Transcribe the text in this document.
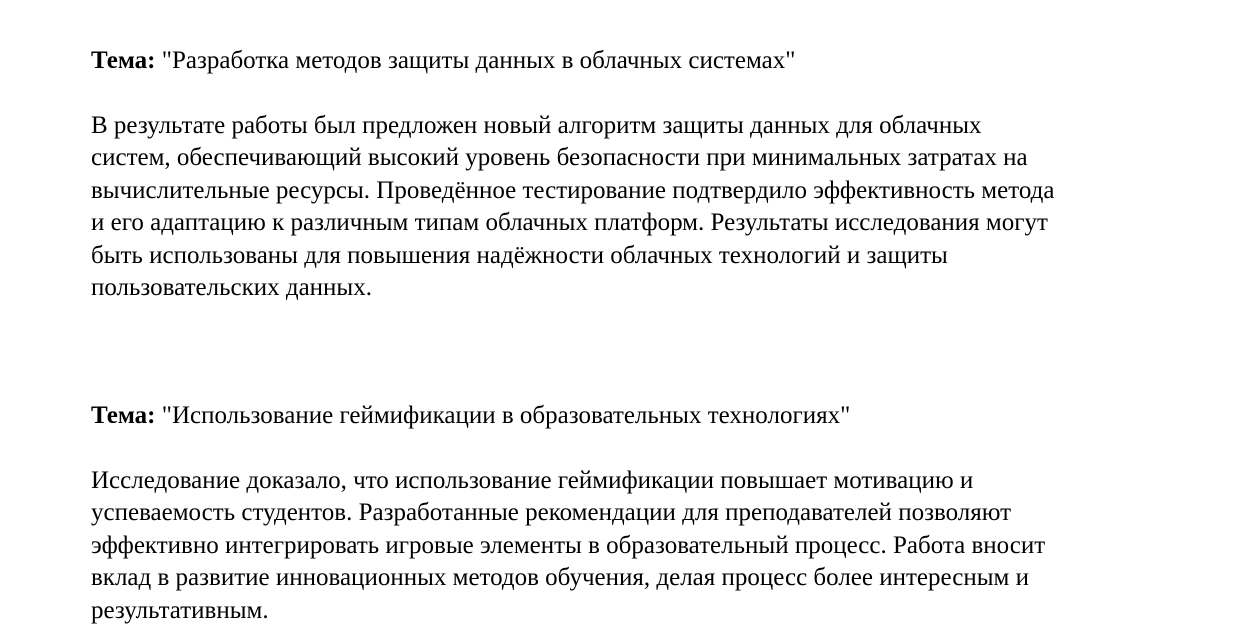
Тема: "Разработка методов защиты данных в облачных системах"

В результате работы был предложен новый алгоритм защиты данных для облачных
систем, обеспечивающий высокий уровень безопасности при минимальных затратах на
вычислительные ресурсы. Проведённое тестирование подтвердило эффективность метода
и его адаптацию к различным типам облачных платформ. Результаты исследования могут
быть использованы для повышения надёжности облачных технологий и защиты
пользовательских данных.

Тема: "Использование геймификации в образовательных технологиях"

Исследование доказало, что использование геймификации повышает мотивацию и
успеваемость студентов. Разработанные рекомендации для преподавателей позволяют
эффективно интегрировать игровые элементы в образовательный процесс. Работа вносит
вклад в развитие инновационных методов обучения, делая процесс более интересным и
результативным.
